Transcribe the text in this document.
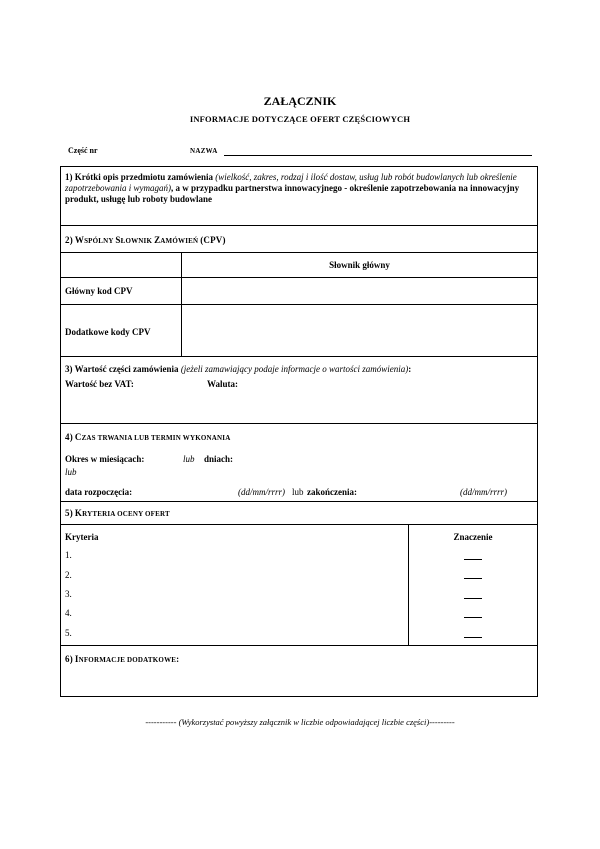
ZAŁĄCZNIK
INFORMACJE DOTYCZĄCE OFERT CZĘŚCIOWYCH
Część nr	NAZWA
1) Krótki opis przedmiotu zamówienia (wielkość, zakres, rodzaj i ilość dostaw, usług lub robót budowlanych lub określenie zapotrzebowania i wymagań), a w przypadku partnerstwa innowacyjnego - określenie zapotrzebowania na innowacyjny produkt, usługę lub roboty budowlane
2) WSPÓLNY SŁOWNIK ZAMÓWIEŃ (CPV)
Słownik główny
Główny kod CPV
Dodatkowe kody CPV
3) Wartość części zamówienia (jeżeli zamawiający podaje informacje o wartości zamówienia):
Wartość bez VAT:	Waluta:
4) CZAS TRWANIA LUB TERMIN WYKONANIA
Okres w miesiącach:	lub dniach:
lub
data rozpoczęcia:	(dd/mm/rrrr) lub zakończenia:	(dd/mm/rrrr)
5) KRYTERIA OCENY OFERT
Kryteria	Znaczenie
1.
2.
3.
4.
5.
6) INFORMACJE DODATKOWE:
----------- (Wykorzystać powyższy załącznik w liczbie odpowiadającej liczbie części)---------
